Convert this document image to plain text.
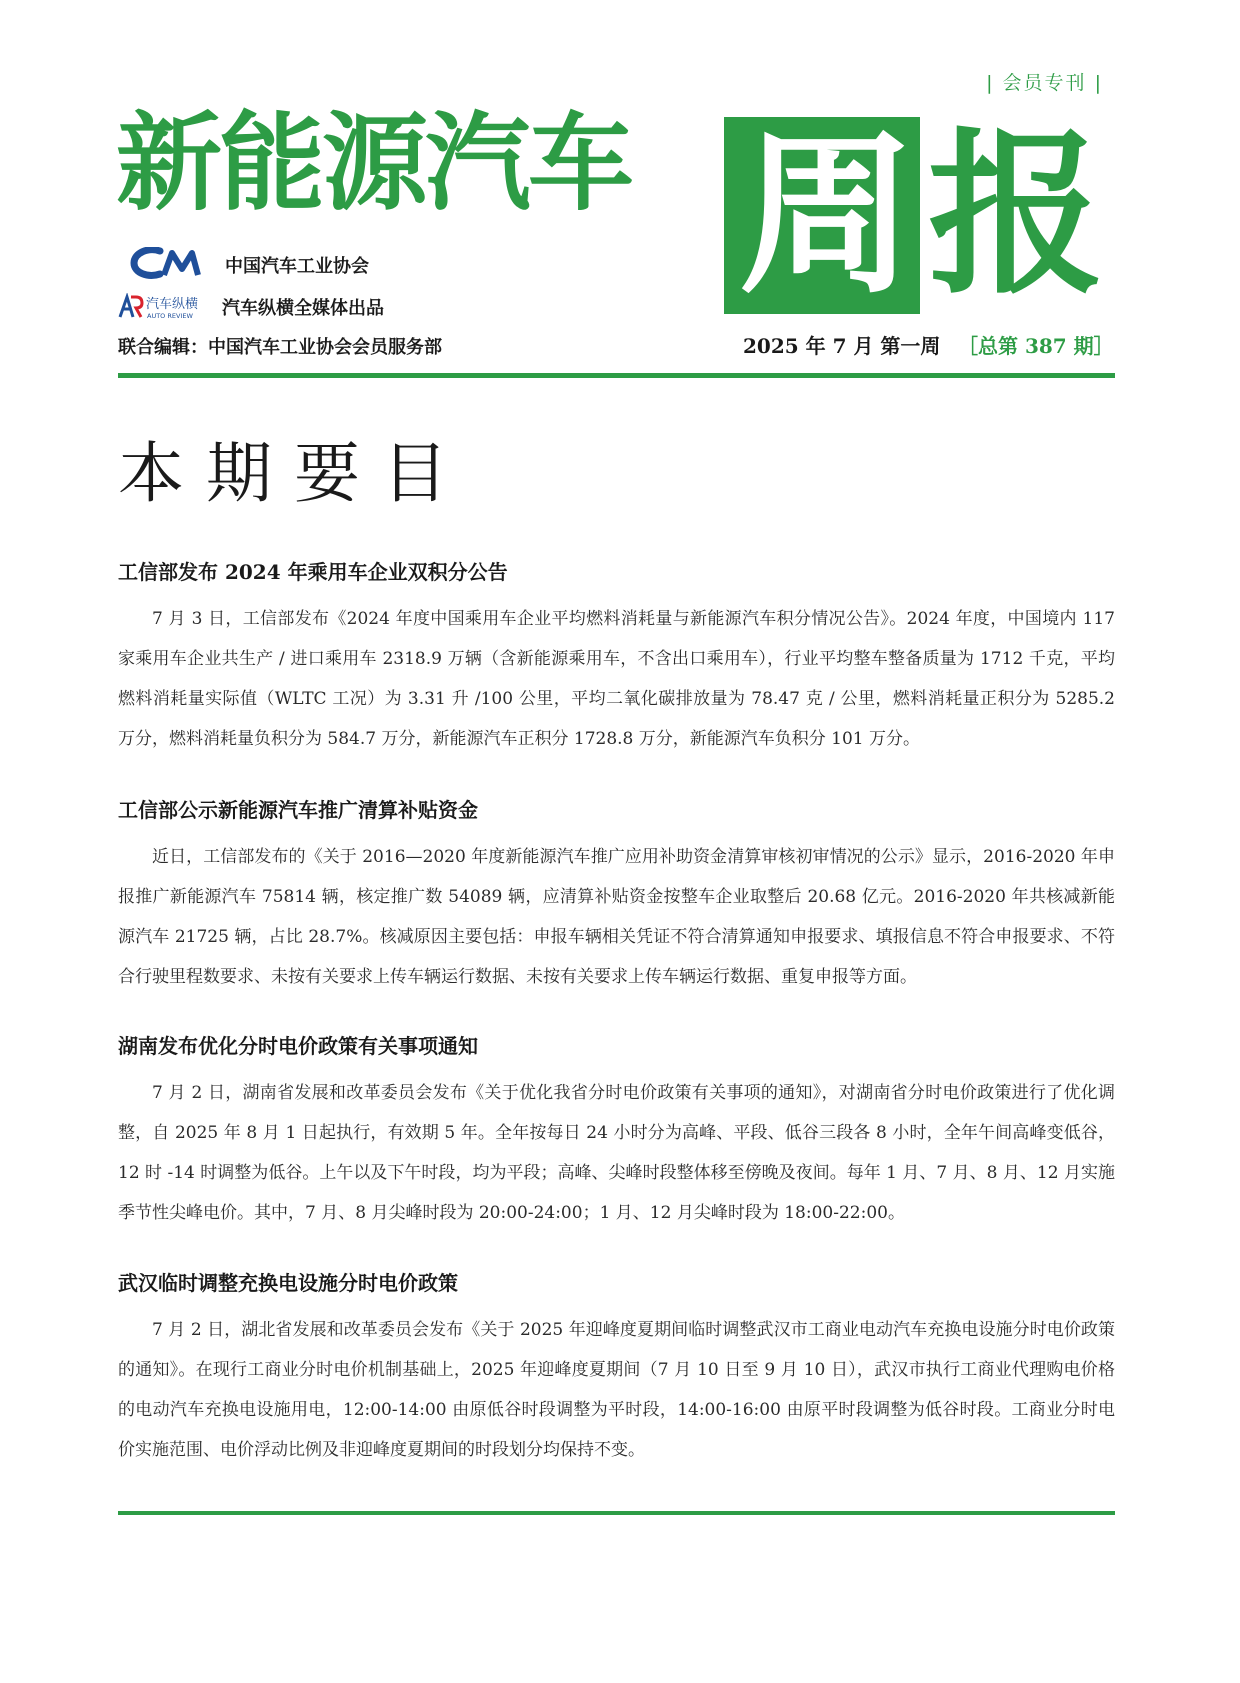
| 会员专刊 |
新能源汽车 周 报
中国汽车工业协会
汽车纵横
AUTO REVIEW 汽车纵横全媒体出品
联合编辑：中国汽车工业协会会员服务部	2025 年 7 月 第一周 ［总第 387 期］
本期要目
工信部发布 2024 年乘用车企业双积分公告

7 月 3 日，工信部发布《2024 年度中国乘用车企业平均燃料消耗量与新能源汽车积分情况公告》。2024 年度，中国境内 117 家乘用车企业共生产 / 进口乘用车 2318.9 万辆（含新能源乘用车，不含出口乘用车），行业平均整车整备质量为 1712 千克，平均燃料消耗量实际值（WLTC 工况）为 3.31 升 /100 公里，平均二氧化碳排放量为 78.47 克 / 公里，燃料消耗量正积分为 5285.2 万分，燃料消耗量负积分为 584.7 万分，新能源汽车正积分 1728.8 万分，新能源汽车负积分 101 万分。

工信部公示新能源汽车推广清算补贴资金

近日，工信部发布的《关于 2016—2020 年度新能源汽车推广应用补助资金清算审核初审情况的公示》显示，2016-2020 年申报推广新能源汽车 75814 辆，核定推广数 54089 辆，应清算补贴资金按整车企业取整后 20.68 亿元。2016-2020 年共核减新能源汽车 21725 辆，占比 28.7%。核减原因主要包括：申报车辆相关凭证不符合清算通知申报要求、填报信息不符合申报要求、不符合行驶里程数要求、未按有关要求上传车辆运行数据、未按有关要求上传车辆运行数据、重复申报等方面。

湖南发布优化分时电价政策有关事项通知

7 月 2 日，湖南省发展和改革委员会发布《关于优化我省分时电价政策有关事项的通知》，对湖南省分时电价政策进行了优化调整，自 2025 年 8 月 1 日起执行，有效期 5 年。全年按每日 24 小时分为高峰、平段、低谷三段各 8 小时，全年午间高峰变低谷，12 时 -14 时调整为低谷。上午以及下午时段，均为平段；高峰、尖峰时段整体移至傍晚及夜间。每年 1 月、7 月、8 月、12 月实施季节性尖峰电价。其中，7 月、8 月尖峰时段为 20:00-24:00；1 月、12 月尖峰时段为 18:00-22:00。

武汉临时调整充换电设施分时电价政策

7 月 2 日，湖北省发展和改革委员会发布《关于 2025 年迎峰度夏期间临时调整武汉市工商业电动汽车充换电设施分时电价政策的通知》。在现行工商业分时电价机制基础上，2025 年迎峰度夏期间（7 月 10 日至 9 月 10 日），武汉市执行工商业代理购电价格的电动汽车充换电设施用电，12:00-14:00 由原低谷时段调整为平时段，14:00-16:00 由原平时段调整为低谷时段。工商业分时电价实施范围、电价浮动比例及非迎峰度夏期间的时段划分均保持不变。
